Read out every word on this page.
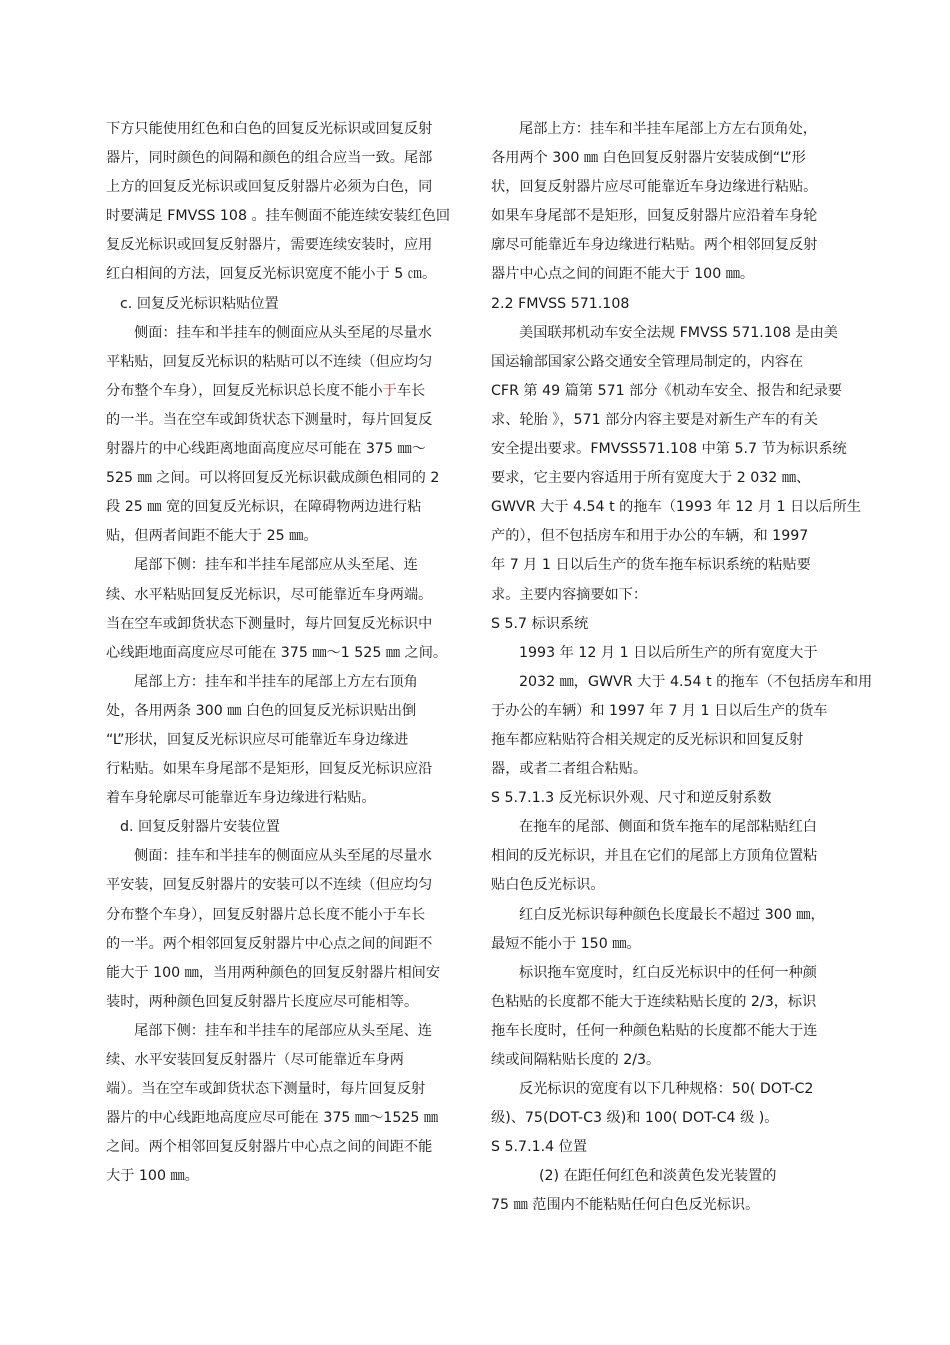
下方只能使用红色和白色的回复反光标识或回复反射
器片，同时颜色的间隔和颜色的组合应当一致。尾部
上方的回复反光标识或回复反射器片必须为白色，同
时要满足 FMVSS 108 。挂车侧面不能连续安装红色回
复反光标识或回复反射器片，需要连续安装时，应用
红白相间的方法，回复反光标识宽度不能小于 5 ㎝。
c. 回复反光标识粘贴位置
侧面：挂车和半挂车的侧面应从头至尾的尽量水
平粘贴，回复反光标识的粘贴可以不连续（但应均匀
分布整个车身），回复反光标识总长度不能小于车长
的一半。当在空车或卸货状态下测量时，每片回复反
射器片的中心线距离地面高度应尽可能在 375 ㎜～
525 ㎜ 之间。可以将回复反光标识截成颜色相同的 2
段 25 ㎜ 宽的回复反光标识，在障碍物两边进行粘
贴，但两者间距不能大于 25 ㎜。
尾部下侧：挂车和半挂车尾部应从头至尾、连
续、水平粘贴回复反光标识，尽可能靠近车身两端。
当在空车或卸货状态下测量时，每片回复反光标识中
心线距地面高度应尽可能在 375 ㎜～1 525 ㎜ 之间。
尾部上方：挂车和半挂车的尾部上方左右顶角
处，各用两条 300 ㎜ 白色的回复反光标识贴出倒
“L”形状，回复反光标识应尽可能靠近车身边缘进
行粘贴。如果车身尾部不是矩形，回复反光标识应沿
着车身轮廓尽可能靠近车身边缘进行粘贴。
d. 回复反射器片安装位置
侧面：挂车和半挂车的侧面应从头至尾的尽量水
平安装，回复反射器片的安装可以不连续（但应均匀
分布整个车身），回复反射器片总长度不能小于车长
的一半。两个相邻回复反射器片中心点之间的间距不
能大于 100 ㎜，当用两种颜色的回复反射器片相间安
装时，两种颜色回复反射器片长度应尽可能相等。
尾部下侧：挂车和半挂车的尾部应从头至尾、连
续、水平安装回复反射器片（尽可能靠近车身两
端）。当在空车或卸货状态下测量时，每片回复反射
器片的中心线距地高度应尽可能在 375 ㎜～1525 ㎜
之间。两个相邻回复反射器片中心点之间的间距不能
大于 100 ㎜。
尾部上方：挂车和半挂车尾部上方左右顶角处，
各用两个 300 ㎜ 白色回复反射器片安装成倒“L”形
状，回复反射器片应尽可能靠近车身边缘进行粘贴。
如果车身尾部不是矩形，回复反射器片应沿着车身轮
廓尽可能靠近车身边缘进行粘贴。两个相邻回复反射
器片中心点之间的间距不能大于 100 ㎜。
2.2 FMVSS 571.108
美国联邦机动车安全法规 FMVSS 571.108 是由美
国运输部国家公路交通安全管理局制定的，内容在
CFR 第 49 篇第 571 部分《机动车安全、报告和纪录要
求、轮胎 》，571 部分内容主要是对新生产车的有关
安全提出要求。FMVSS571.108 中第 5.7 节为标识系统
要求，它主要内容适用于所有宽度大于 2 032 ㎜、
GWVR 大于 4.54 t 的拖车（1993 年 12 月 1 日以后所生
产的），但不包括房车和用于办公的车辆，和 1997
年 7 月 1 日以后生产的货车拖车标识系统的粘贴要
求。主要内容摘要如下：
S 5.7 标识系统
1993 年 12 月 1 日以后所生产的所有宽度大于
2032 ㎜，GWVR 大于 4.54 t 的拖车（不包括房车和用
于办公的车辆）和 1997 年 7 月 1 日以后生产的货车
拖车都应粘贴符合相关规定的反光标识和回复反射
器，或者二者组合粘贴。
S 5.7.1.3 反光标识外观、尺寸和逆反射系数
在拖车的尾部、侧面和货车拖车的尾部粘贴红白
相间的反光标识，并且在它们的尾部上方顶角位置粘
贴白色反光标识。
红白反光标识每种颜色长度最长不超过 300 ㎜，
最短不能小于 150 ㎜。
标识拖车宽度时，红白反光标识中的任何一种颜
色粘贴的长度都不能大于连续粘贴长度的 2/3，标识
拖车长度时，任何一种颜色粘贴的长度都不能大于连
续或间隔粘贴长度的 2/3。
反光标识的宽度有以下几种规格：50( DOT-C2
级)、75(DOT-C3 级)和 100( DOT-C4 级 )。
S 5.7.1.4 位置
(2) 在距任何红色和淡黄色发光装置的
75 ㎜ 范围内不能粘贴任何白色反光标识。
